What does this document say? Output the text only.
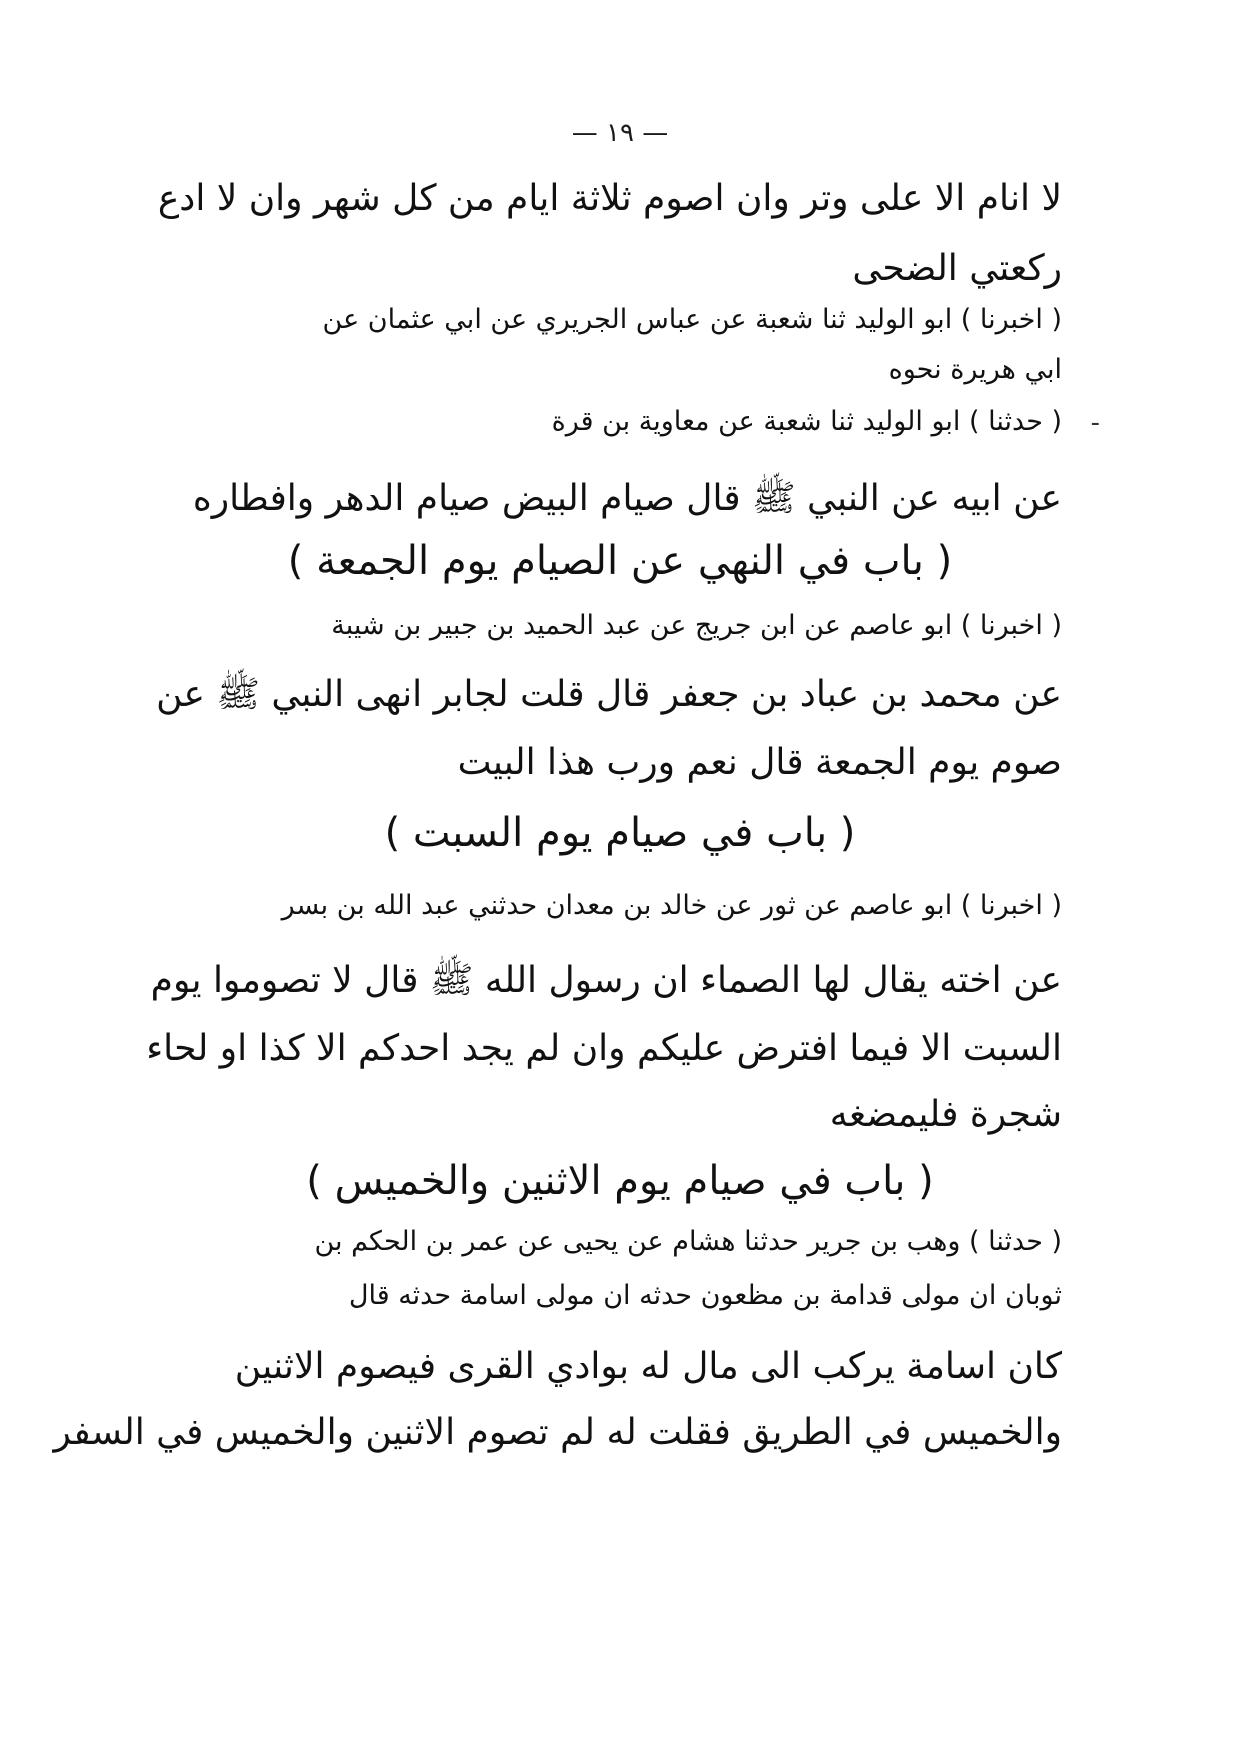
— ١٩ —
لا انام الا على وتر وان اصوم ثلاثة ايام من كل شهر وان لا ادع
ركعتي الضحى
( اخبرنا ) ابو الوليد ثنا شعبة عن عباس الجريري عن ابي عثمان عن
ابي هريرة نحوه
-
( حدثنا ) ابو الوليد ثنا شعبة عن معاوية بن قرة
عن ابيه عن النبي ﷺ قال صيام البيض صيام الدهر وافطاره
( باب في النهي عن الصيام يوم الجمعة )
( اخبرنا ) ابو عاصم عن ابن جريج عن عبد الحميد بن جبير بن شيبة
عن محمد بن عباد بن جعفر قال قلت لجابر انهى النبي ﷺ عن
صوم يوم الجمعة قال نعم ورب هذا البيت
( باب في صيام يوم السبت )
( اخبرنا ) ابو عاصم عن ثور عن خالد بن معدان حدثني عبد الله بن بسر
عن اخته يقال لها الصماء ان رسول الله ﷺ قال لا تصوموا يوم
السبت الا فيما افترض عليكم وان لم يجد احدكم الا كذا او لحاء
شجرة فليمضغه
( باب في صيام يوم الاثنين والخميس )
( حدثنا ) وهب بن جرير حدثنا هشام عن يحيى عن عمر بن الحكم بن
ثوبان ان مولى قدامة بن مظعون حدثه ان مولى اسامة حدثه قال
كان اسامة يركب الى مال له بوادي القرى فيصوم الاثنين
والخميس في الطريق فقلت له لم تصوم الاثنين والخميس في السفر
